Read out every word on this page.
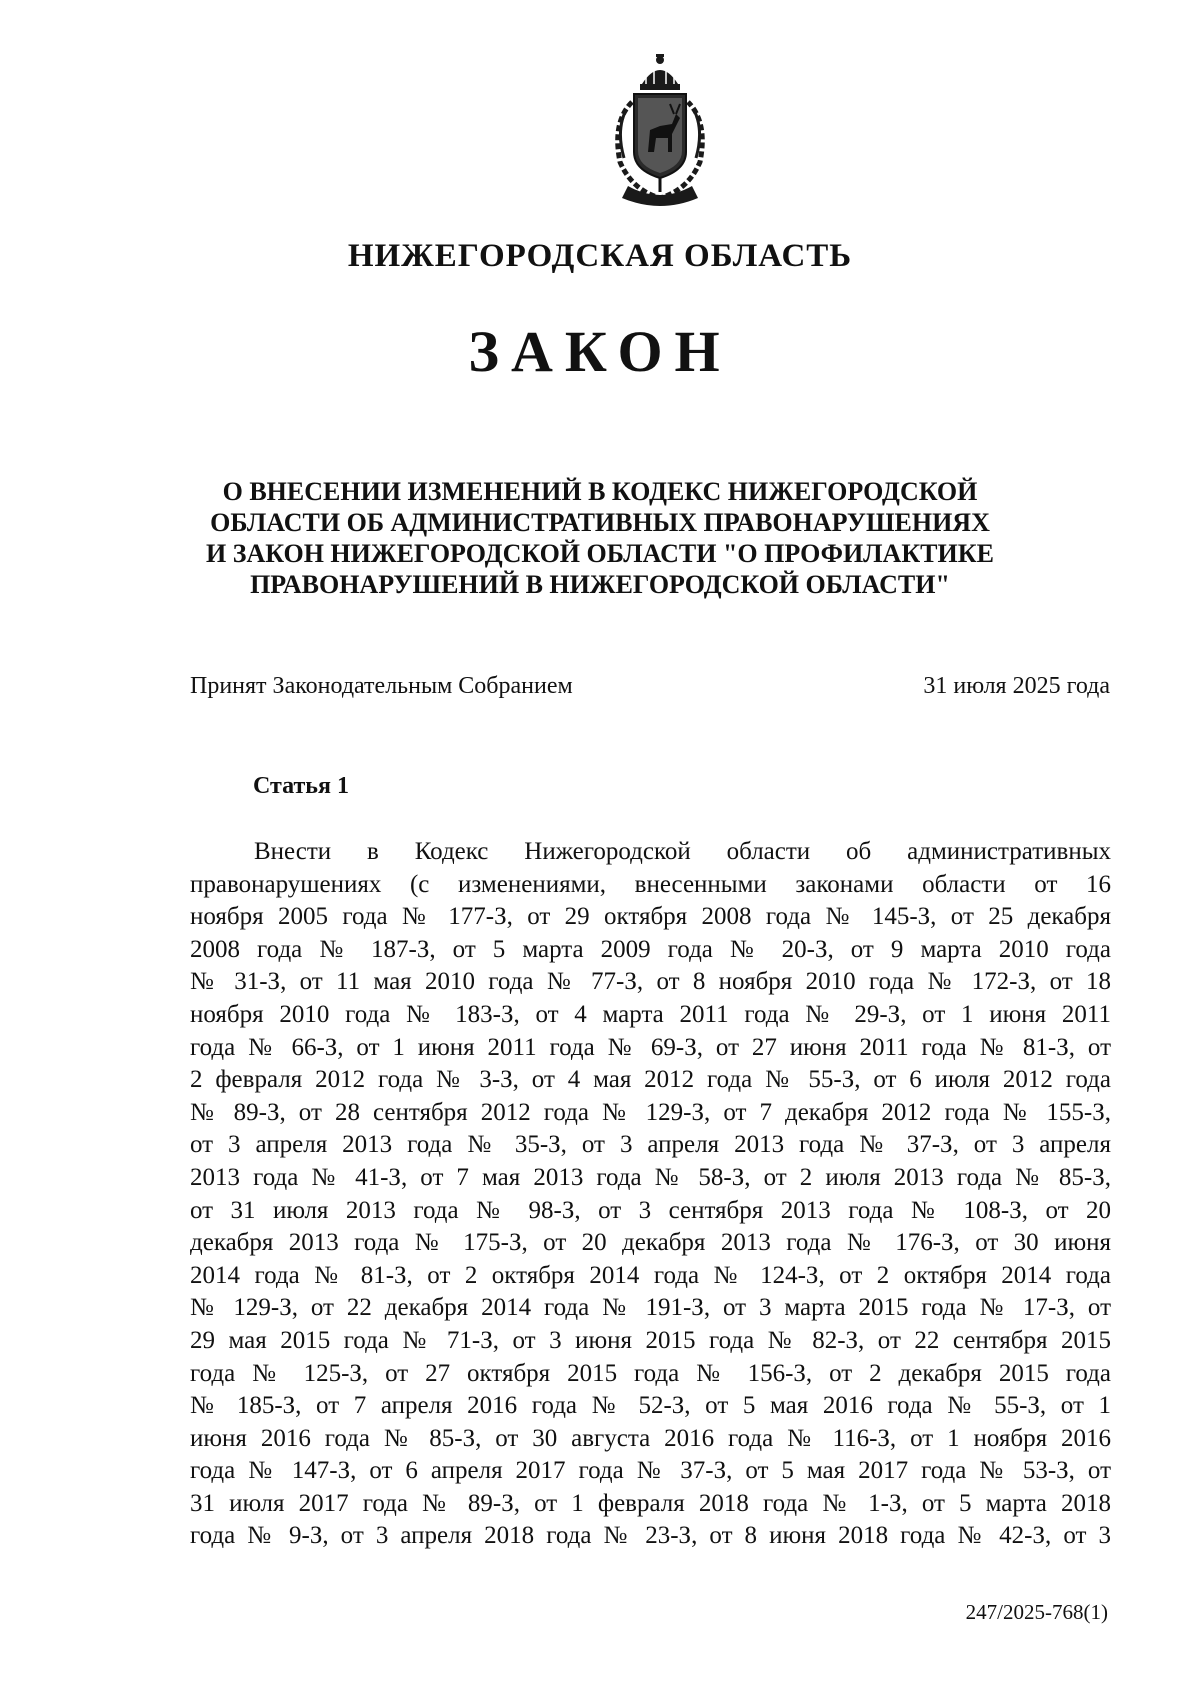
НИЖЕГОРОДСКАЯ ОБЛАСТЬ
ЗАКОН
О ВНЕСЕНИИ ИЗМЕНЕНИЙ В КОДЕКС НИЖЕГОРОДСКОЙ
ОБЛАСТИ ОБ АДМИНИСТРАТИВНЫХ ПРАВОНАРУШЕНИЯХ
И ЗАКОН НИЖЕГОРОДСКОЙ ОБЛАСТИ "О ПРОФИЛАКТИКЕ
ПРАВОНАРУШЕНИЙ В НИЖЕГОРОДСКОЙ ОБЛАСТИ"
Принят Законодательным Собранием	31 июля 2025 года
Статья 1
Внести в Кодекс Нижегородской области об административных
правонарушениях (с изменениями, внесенными законами области от 16
ноября 2005 года № 177-З, от 29 октября 2008 года № 145-З, от 25 декабря
2008 года № 187-З, от 5 марта 2009 года № 20-З, от 9 марта 2010 года
№ 31-З, от 11 мая 2010 года № 77-З, от 8 ноября 2010 года № 172-З, от 18
ноября 2010 года № 183-З, от 4 марта 2011 года № 29-З, от 1 июня 2011
года № 66-З, от 1 июня 2011 года № 69-З, от 27 июня 2011 года № 81-З, от
2 февраля 2012 года № 3-З, от 4 мая 2012 года № 55-З, от 6 июля 2012 года
№ 89-З, от 28 сентября 2012 года № 129-З, от 7 декабря 2012 года № 155-З,
от 3 апреля 2013 года № 35-З, от 3 апреля 2013 года № 37-З, от 3 апреля
2013 года № 41-З, от 7 мая 2013 года № 58-З, от 2 июля 2013 года № 85-З,
от 31 июля 2013 года № 98-З, от 3 сентября 2013 года № 108-З, от 20
декабря 2013 года № 175-З, от 20 декабря 2013 года № 176-З, от 30 июня
2014 года № 81-З, от 2 октября 2014 года № 124-З, от 2 октября 2014 года
№ 129-З, от 22 декабря 2014 года № 191-З, от 3 марта 2015 года № 17-З, от
29 мая 2015 года № 71-З, от 3 июня 2015 года № 82-З, от 22 сентября 2015
года № 125-З, от 27 октября 2015 года № 156-З, от 2 декабря 2015 года
№ 185-З, от 7 апреля 2016 года № 52-З, от 5 мая 2016 года № 55-З, от 1
июня 2016 года № 85-З, от 30 августа 2016 года № 116-З, от 1 ноября 2016
года № 147-З, от 6 апреля 2017 года № 37-З, от 5 мая 2017 года № 53-З, от
31 июля 2017 года № 89-З, от 1 февраля 2018 года № 1-З, от 5 марта 2018
года № 9-З, от 3 апреля 2018 года № 23-З, от 8 июня 2018 года № 42-З, от 3
247/2025-768(1)
